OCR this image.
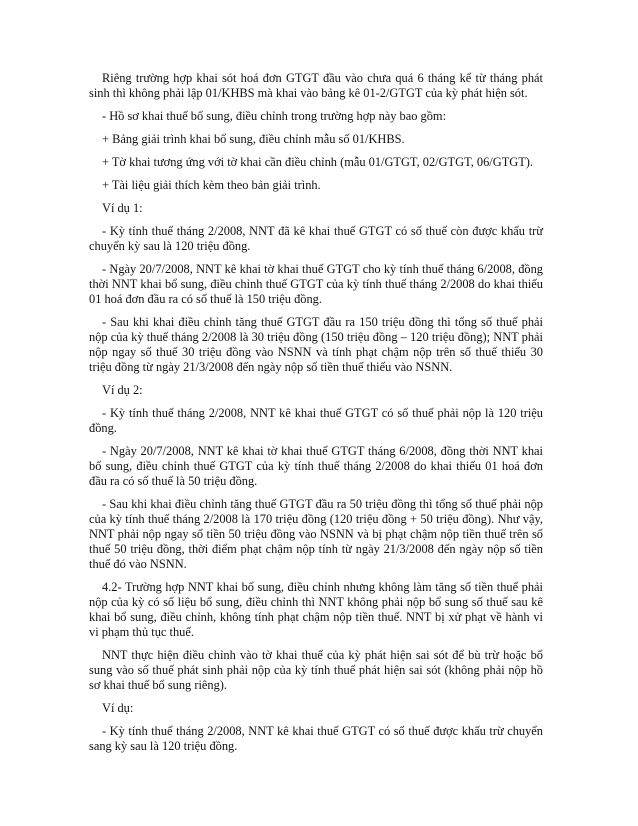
Riêng trường hợp khai sót hoá đơn GTGT đầu vào chưa quá 6 tháng kể từ tháng phát sinh thì không phải lập 01/KHBS mà khai vào bảng kê 01-2/GTGT của kỳ phát hiện sót.

- Hồ sơ khai thuế bổ sung, điều chỉnh trong trường hợp này bao gồm:

+ Bảng giải trình khai bổ sung, điều chỉnh mẫu số 01/KHBS.

+ Tờ khai tương ứng với tờ khai cần điều chỉnh (mẫu 01/GTGT, 02/GTGT, 06/GTGT).

+ Tài liệu giải thích kèm theo bản giải trình.

Ví dụ 1:

- Kỳ tính thuế tháng 2/2008, NNT đã kê khai thuế GTGT có số thuế còn được khấu trừ chuyển kỳ sau là 120 triệu đồng.

- Ngày 20/7/2008, NNT kê khai tờ khai thuế GTGT cho kỳ tính thuế tháng 6/2008, đồng thời NNT khai bổ sung, điều chỉnh thuế GTGT của kỳ tính thuế tháng 2/2008 do khai thiếu 01 hoá đơn đầu ra có số thuế là 150 triệu đồng.

- Sau khi khai điều chỉnh tăng thuế GTGT đầu ra 150 triệu đồng thì tổng số thuế phải nộp của kỳ thuế tháng 2/2008 là 30 triệu đồng (150 triệu đồng – 120 triệu đồng); NNT phải nộp ngay số thuế 30 triệu đồng vào NSNN và tính phạt chậm nộp trên số thuế thiếu 30 triệu đồng từ ngày 21/3/2008 đến ngày nộp số tiền thuế thiếu vào NSNN.

Ví dụ 2:

- Kỳ tính thuế tháng 2/2008, NNT kê khai thuế GTGT có số thuế phải nộp là 120 triệu đồng.

- Ngày 20/7/2008, NNT kê khai tờ khai thuế GTGT tháng 6/2008, đồng thời NNT khai bổ sung, điều chỉnh thuế GTGT của kỳ tính thuế tháng 2/2008 do khai thiếu 01 hoá đơn đầu ra có số thuế là 50 triệu đồng.

- Sau khi khai điều chỉnh tăng thuế GTGT đầu ra 50 triệu đồng thì tổng số thuế phải nộp của kỳ tính thuế tháng 2/2008 là 170 triệu đồng (120 triệu đồng + 50 triệu đồng). Như vậy, NNT phải nộp ngay số tiền 50 triệu đồng vào NSNN và bị phạt chậm nộp tiền thuế trên số thuế 50 triệu đồng, thời điểm phạt chậm nộp tính từ ngày 21/3/2008 đến ngày nộp số tiền thuế đó vào NSNN.

4.2- Trường hợp NNT khai bổ sung, điều chỉnh nhưng không làm tăng số tiền thuế phải nộp của kỳ có số liệu bổ sung, điều chỉnh thì NNT không phải nộp bổ sung số thuế sau kê khai bổ sung, điều chỉnh, không tính phạt chậm nộp tiền thuế. NNT bị xử phạt về hành vi vi phạm thủ tục thuế.

NNT thực hiện điều chỉnh vào tờ khai thuế của kỳ phát hiện sai sót để bù trừ hoặc bổ sung vào số thuế phát sinh phải nộp của kỳ tính thuế phát hiện sai sót (không phải nộp hồ sơ khai thuế bổ sung riêng).

Ví dụ:

- Kỳ tính thuế tháng 2/2008, NNT kê khai thuế GTGT có số thuế được khấu trừ chuyển sang kỳ sau là 120 triệu đồng.
